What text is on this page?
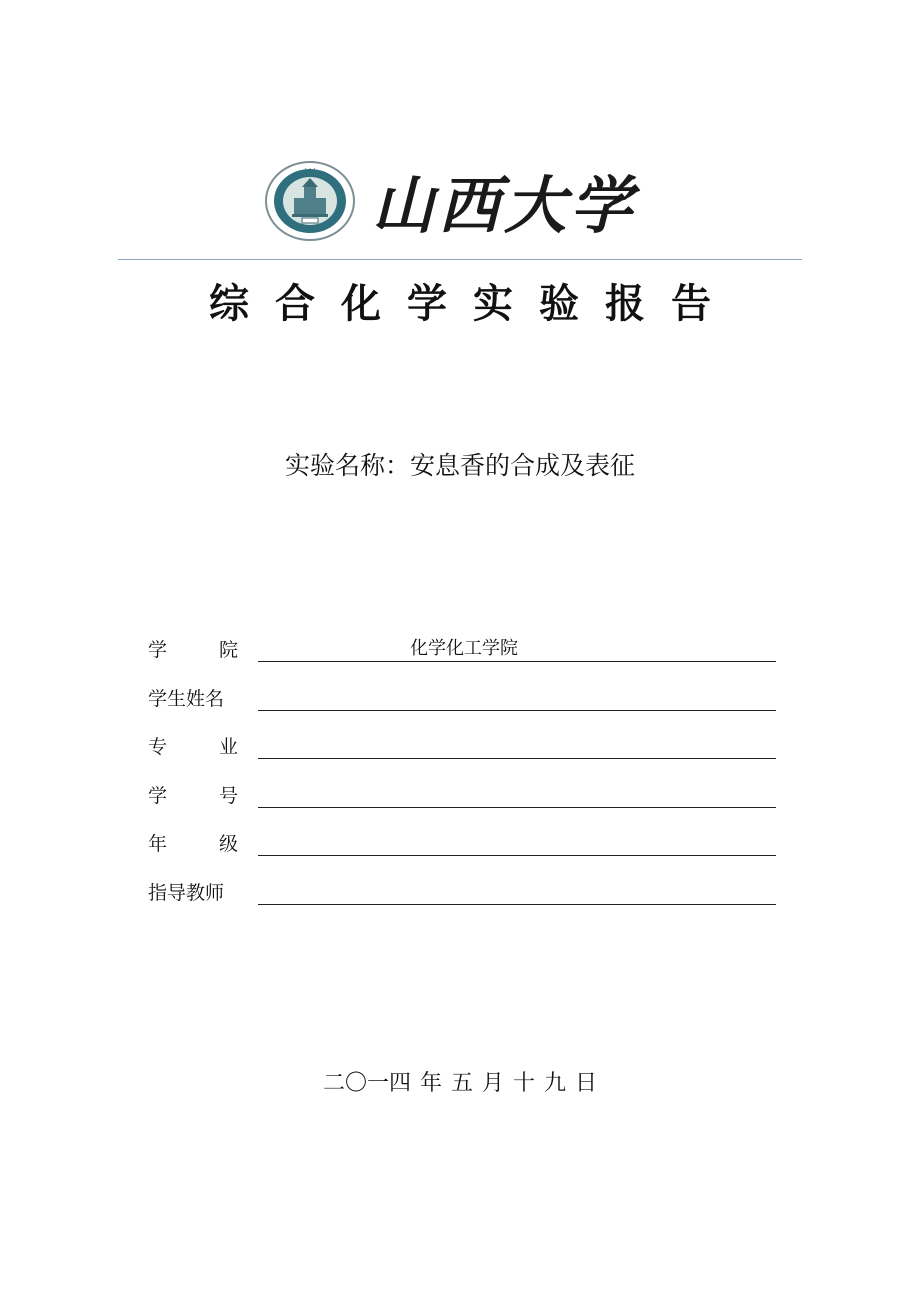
· · · 山西大学
综合化学实验报告
实验名称：安息香的合成及表征
学	院	化学化工学院
学生姓名
专	业
学	号
年	级
指导教师
二〇一四 年 五 月 十 九 日
